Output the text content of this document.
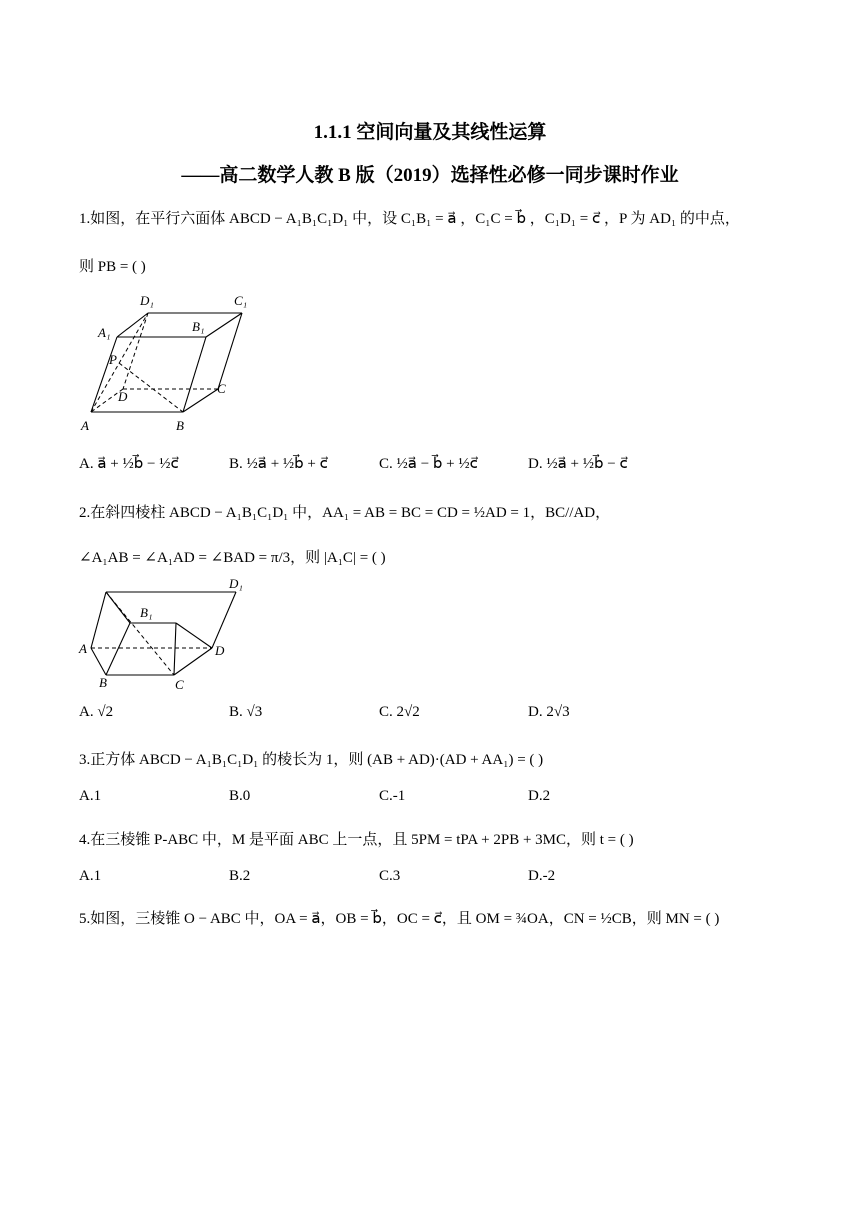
1.1.1 空间向量及其线性运算
——高二数学人教 B 版（2019）选择性必修一同步课时作业
1.如图，在平行六面体 ABCD − A₁B₁C₁D₁ 中，设 C₁B₁ = a⃗ ，C₁C = b⃗ ，C₁D₁ = c⃗ ，P 为 AD₁ 的中点，
则 PB = ( )
D₁	C₁
A₁	B₁
P
D
C
A	B
A. a⃗ + ½b⃗ − ½c⃗	B. ½a⃗ + ½b⃗ + c⃗	C. ½a⃗ − b⃗ + ½c⃗	D. ½a⃗ + ½b⃗ − c⃗
2.在斜四棱柱 ABCD − A₁B₁C₁D₁ 中，AA₁ = AB = BC = CD = ½AD = 1，BC//AD，
∠A₁AB = ∠A₁AD = ∠BAD = π/3，则 |A₁C| = ( )
D₁
B₁
A	D
B	C
A. √2	B. √3	C. 2√2	D. 2√3
3.正方体 ABCD − A₁B₁C₁D₁ 的棱长为 1，则 (AB + AD)·(AD + AA₁) = ( )
A.1	B.0	C.-1	D.2
4.在三棱锥 P-ABC 中，M 是平面 ABC 上一点，且 5PM = tPA + 2PB + 3MC，则 t = ( )
A.1	B.2	C.3	D.-2
5.如图，三棱锥 O − ABC 中，OA = a⃗，OB = b⃗，OC = c⃗，且 OM = ¾OA，CN = ½CB，则 MN = ( )
